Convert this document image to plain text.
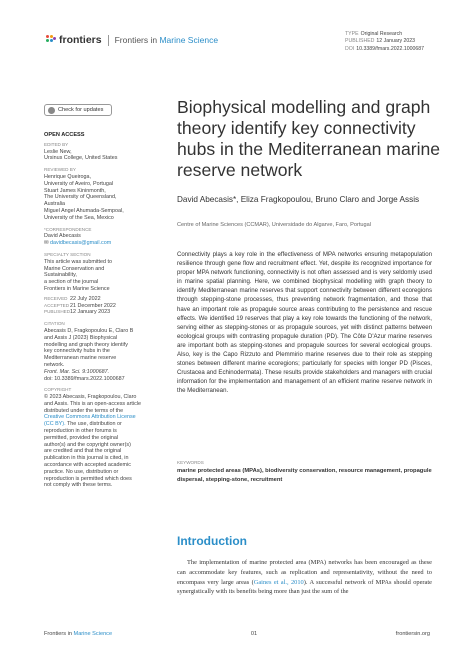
frontiers Frontiers in Marine Science
TYPE Original Research
PUBLISHED 12 January 2023
DOI 10.3389/fmars.2022.1000687
Check for updates
OPEN ACCESS
EDITED BY
Leslie New,
Ursinus College, United States
REVIEWED BY
Henrique Queiroga,
University of Aveiro, Portugal
Stuart James Kininmonth,
The University of Queensland,
Australia
Miguel Angel Ahumada-Sempoal,
University of the Sea, Mexico
*CORRESPONDENCE
David Abecasis
✉ davidbecasis@gmail.com
SPECIALTY SECTION
This article was submitted to
Marine Conservation and
Sustainability,
a section of the journal
Frontiers in Marine Science
RECEIVED 22 July 2022
ACCEPTED 21 December 2022
PUBLISHED 12 January 2023
CITATION
Abecasis D, Fragkopoulou E, Claro B
and Assis J (2023) Biophysical
modelling and graph theory identify
key connectivity hubs in the
Mediterranean marine reserve
network.
Front. Mar. Sci. 9:1000687.
doi: 10.3389/fmars.2022.1000687
COPYRIGHT
© 2023 Abecasis, Fragkopoulou, Claro
and Assis. This is an open-access article
distributed under the terms of the
Creative Commons Attribution License
(CC BY). The use, distribution or
reproduction in other forums is
permitted, provided the original
author(s) and the copyright owner(s)
are credited and that the original
publication in this journal is cited, in
accordance with accepted academic
practice. No use, distribution or
reproduction is permitted which does
not comply with these terms.
Biophysical modelling and graph theory identify key connectivity hubs in the Mediterranean marine reserve network
David Abecasis*, Eliza Fragkopoulou, Bruno Claro and Jorge Assis
Centre of Marine Sciences (CCMAR), Universidade do Algarve, Faro, Portugal

Connectivity plays a key role in the effectiveness of MPA networks ensuring metapopulation resilience through gene flow and recruitment effect. Yet, despite its recognized importance for proper MPA network functioning, connectivity is not often assessed and is very seldomly used in marine spatial planning. Here, we combined biophysical modelling with graph theory to identify Mediterranean marine reserves that support connectivity between different ecoregions through stepping-stone processes, thus preventing network fragmentation, and those that have an important role as propagule source areas contributing to the persistence and rescue effects. We identified 19 reserves that play a key role towards the functioning of the network, serving either as stepping-stones or as propagule sources, yet with distinct patterns between ecological groups with contrasting propagule duration (PD). The Côte D'Azur marine reserves are important both as stepping-stones and propagule sources for several ecological groups. Also, key is the Capo Rizzuto and Plemmirio marine reserves due to their role as stepping stones between different marine ecoregions; particularly for species with longer PD (Pisces, Crustacea and Echinodermata). These results provide stakeholders and managers with crucial information for the implementation and management of an efficient marine reserve network in the Mediterranean.

KEYWORDS
marine protected areas (MPAs), biodiversity conservation, resource management, propagule dispersal, stepping-stone, recruitment
Introduction

The implementation of marine protected area (MPA) networks has been encouraged as these can accommodate key features, such as replication and representativity, without the need to encompass very large areas (Gaines et al., 2010). A successful network of MPAs should operate synergistically with its benefits being more than just the sum of the

Frontiers in Marine Science	01	frontiersin.org
